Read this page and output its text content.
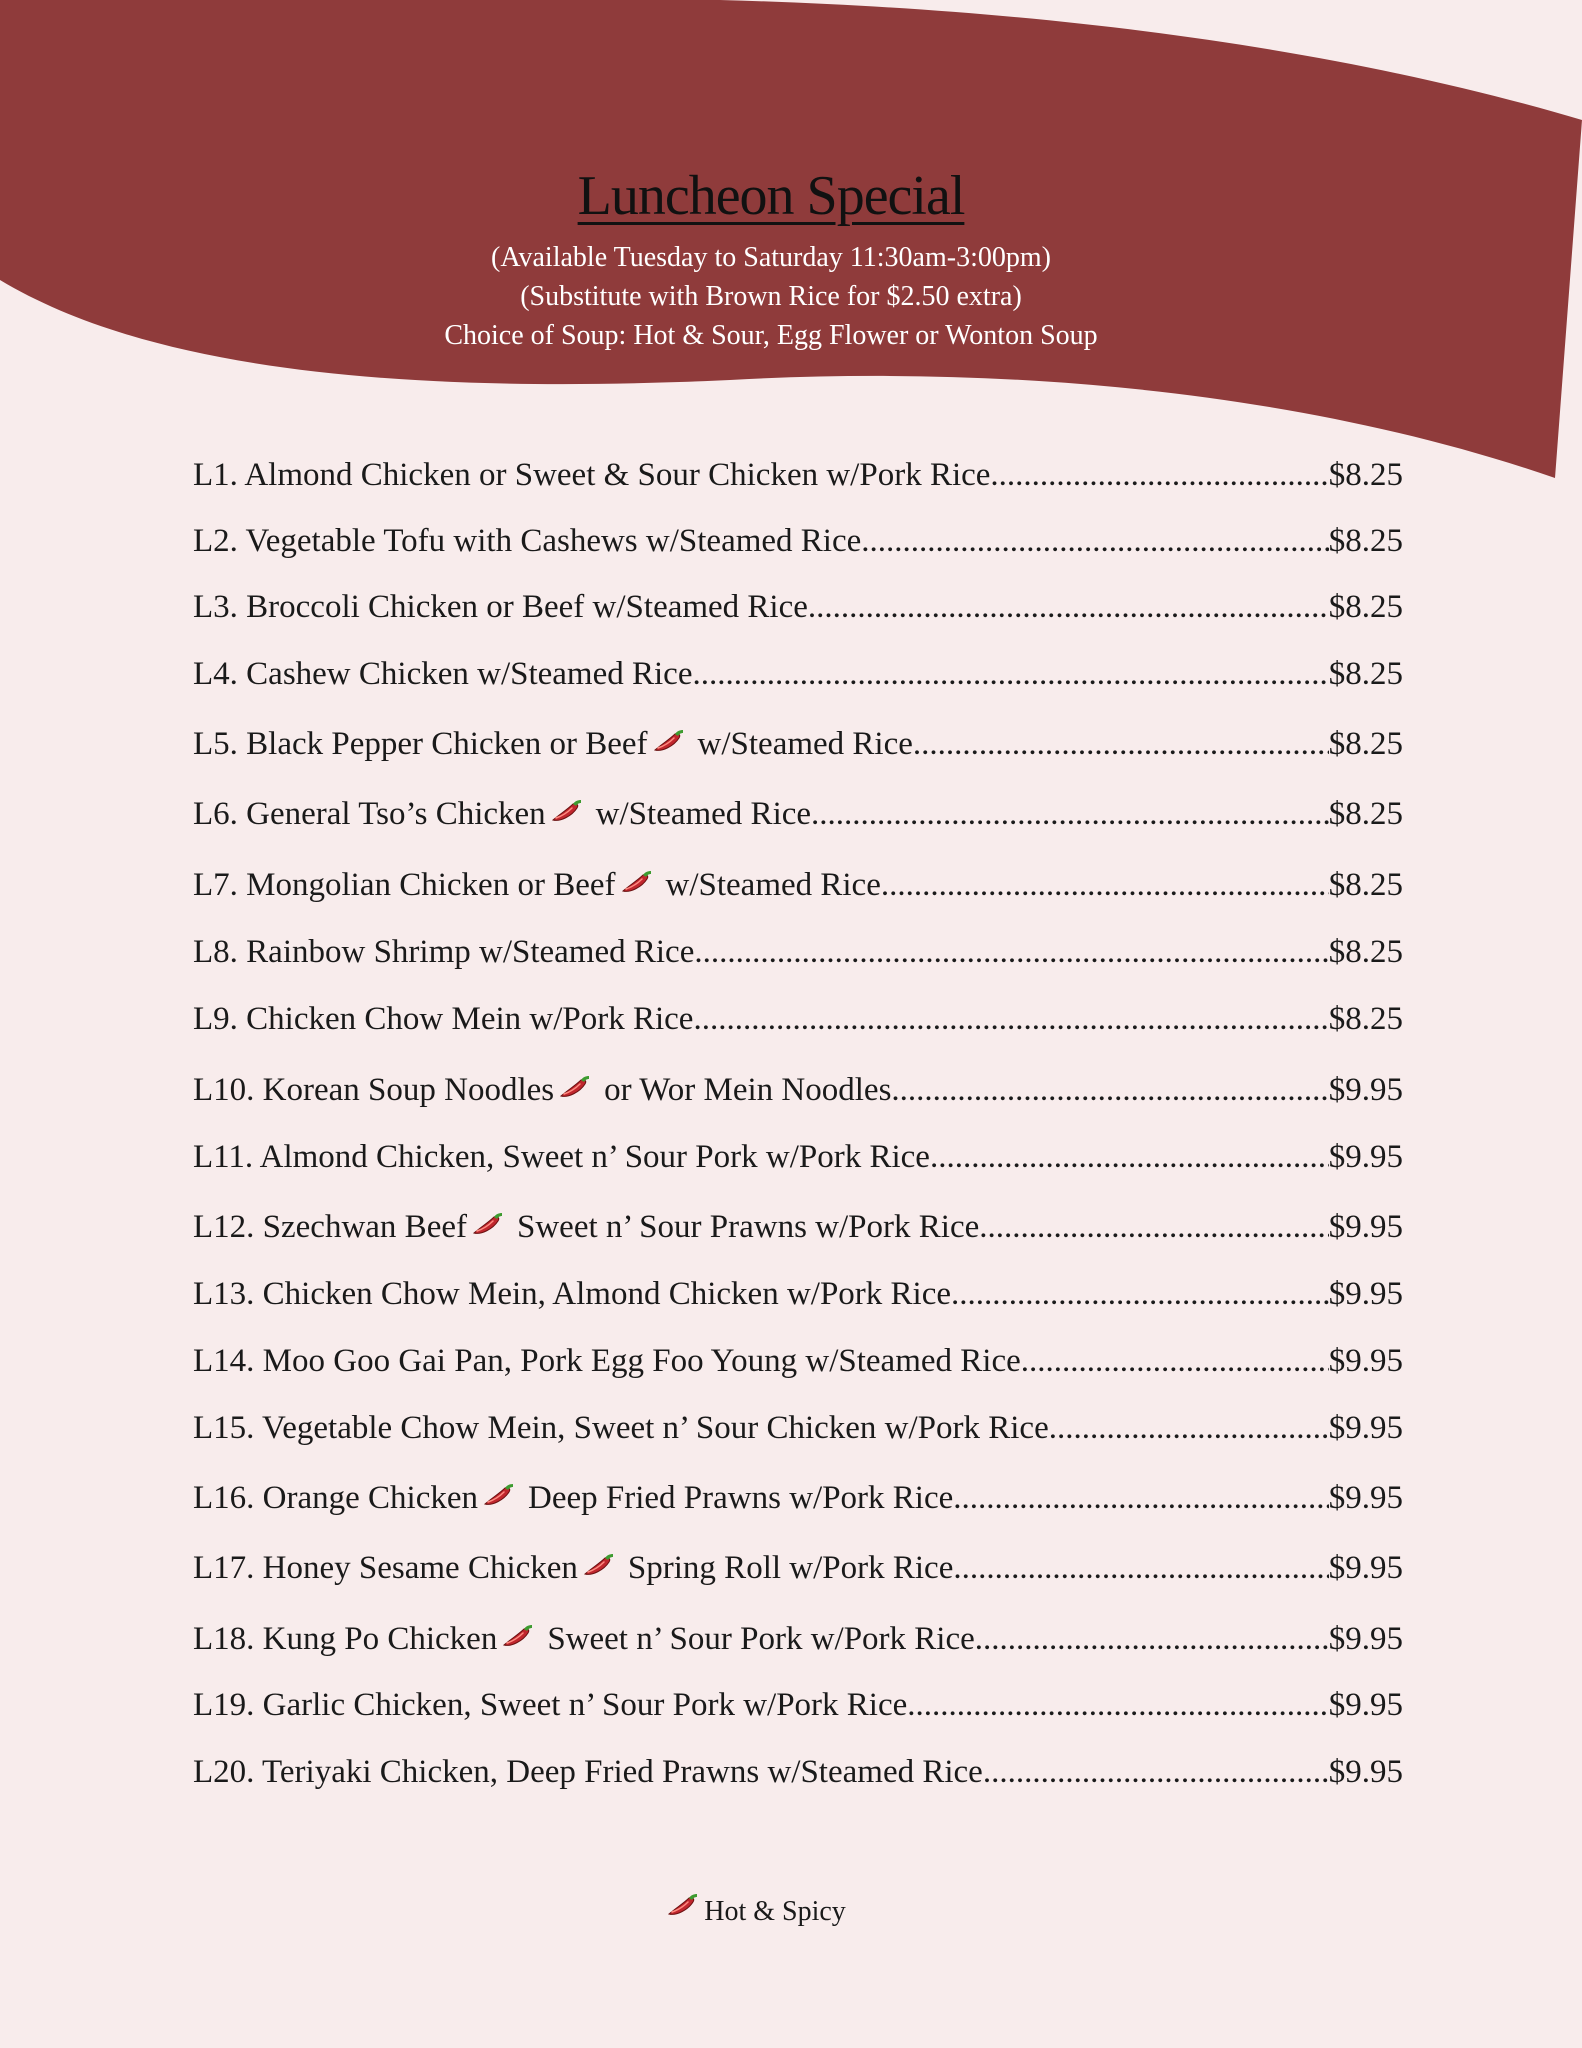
Luncheon Special
(Available Tuesday to Saturday 11:30am-3:00pm)
(Substitute with Brown Rice for $2.50 extra)
Choice of Soup: Hot & Sour, Egg Flower or Wonton Soup
L1. Almond Chicken or Sweet & Sour Chicken w/Pork Rice .....	$8.25
L2. Vegetable Tofu with Cashews w/Steamed Rice .....	$8.25
L3. Broccoli Chicken or Beef w/Steamed Rice .....	$8.25
L4. Cashew Chicken w/Steamed Rice .....	$8.25
L5. Black Pepper Chicken or Beef w/Steamed Rice .....	$8.25
L6. General Tso’s Chicken w/Steamed Rice .....	$8.25
L7. Mongolian Chicken or Beef w/Steamed Rice .....	$8.25
L8. Rainbow Shrimp w/Steamed Rice .....	$8.25
L9. Chicken Chow Mein w/Pork Rice .....	$8.25
L10. Korean Soup Noodles or Wor Mein Noodles .....	$9.95
L11. Almond Chicken, Sweet n’ Sour Pork w/Pork Rice .....	$9.95
L12. Szechwan Beef Sweet n’ Sour Prawns w/Pork Rice .....	$9.95
L13. Chicken Chow Mein, Almond Chicken w/Pork Rice .....	$9.95
L14. Moo Goo Gai Pan, Pork Egg Foo Young w/Steamed Rice .....	$9.95
L15. Vegetable Chow Mein, Sweet n’ Sour Chicken w/Pork Rice .....	$9.95
L16. Orange Chicken Deep Fried Prawns w/Pork Rice .....	$9.95
L17. Honey Sesame Chicken Spring Roll w/Pork Rice .....	$9.95
L18. Kung Po Chicken Sweet n’ Sour Pork w/Pork Rice .....	$9.95
L19. Garlic Chicken, Sweet n’ Sour Pork w/Pork Rice .....	$9.95
L20. Teriyaki Chicken, Deep Fried Prawns w/Steamed Rice .....	$9.95
Hot & Spicy
